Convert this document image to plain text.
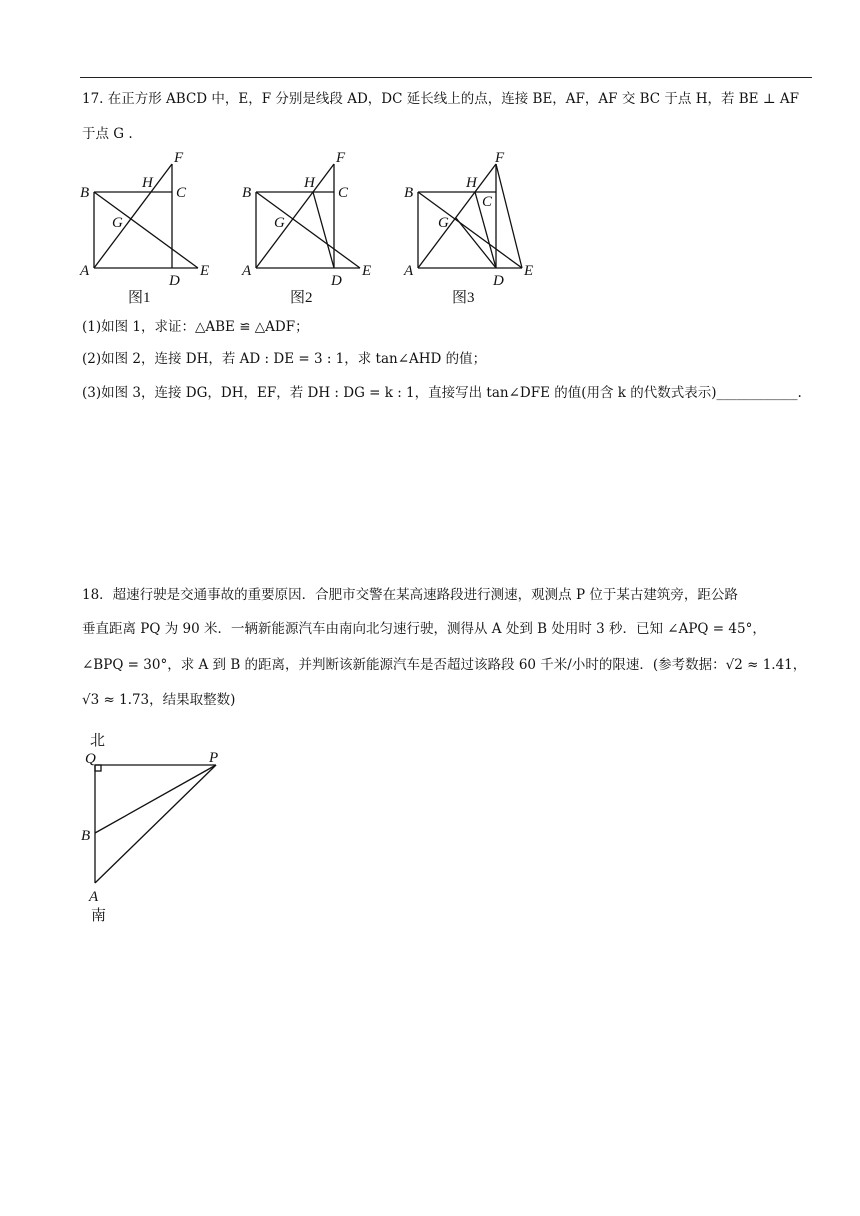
17. 在正方形 ABCD 中，E，F 分别是线段 AD，DC 延长线上的点，连接 BE，AF，AF 交 BC 于点 H，若 BE ⊥ AF
于点 G .
B	C
H
F
G
A
D
E
图1
B	C
H
F
G
A
D
E
图2
B
C
H
F
G
A
D
E
图3
(1)如图 1，求证：△ABE ≌ △ADF；
(2)如图 2，连接 DH，若 AD : DE = 3 : 1，求 tan∠AHD 的值；
(3)如图 3，连接 DG，DH，EF，若 DH : DG = k : 1，直接写出 tan∠DFE 的值(用含 k 的代数式表示)____________.
18．超速行驶是交通事故的重要原因．合肥市交警在某高速路段进行测速，观测点 P 位于某古建筑旁，距公路
垂直距离 PQ 为 90 米．一辆新能源汽车由南向北匀速行驶，测得从 A 处到 B 处用时 3 秒．已知 ∠APQ = 45°，
∠BPQ = 30°，求 A 到 B 的距离，并判断该新能源汽车是否超过该路段 60 千米/小时的限速．(参考数据：√2 ≈ 1.41，
√3 ≈ 1.73，结果取整数)
北
Q	P
B
A
南
